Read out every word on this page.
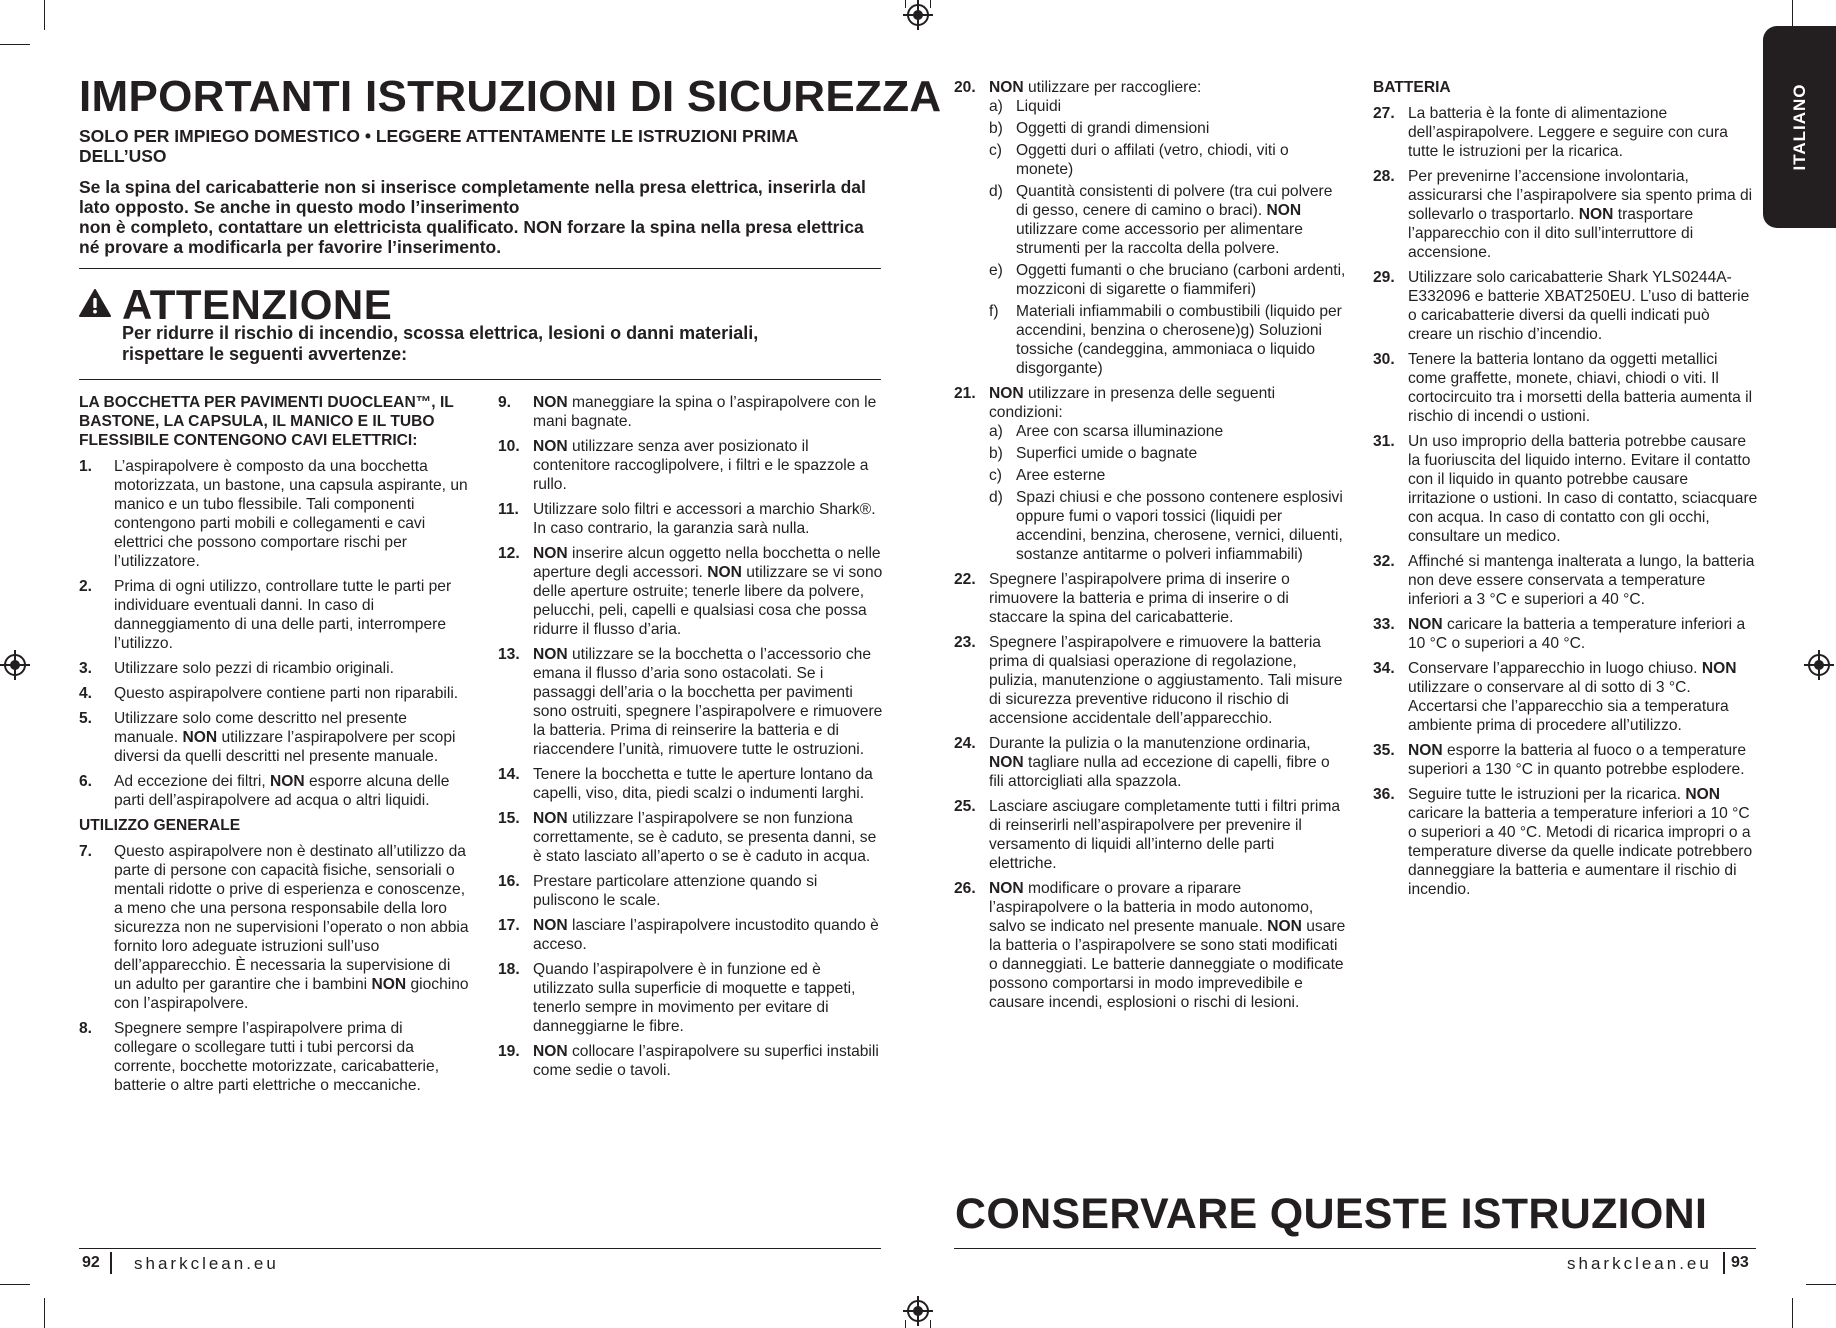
IMPORTANTI ISTRUZIONI DI SICUREZZA
SOLO PER IMPIEGO DOMESTICO • LEGGERE ATTENTAMENTE LE ISTRUZIONI PRIMA DELL’USO

Se la spina del caricabatterie non si inserisce completamente nella presa elettrica, inserirla dal lato opposto. Se anche in questo modo l’inserimento

non è completo, contattare un elettricista qualificato. NON forzare la spina nella presa elettrica né provare a modificarla per favorire l’inserimento.

ATTENZIONE
Per ridurre il rischio di incendio, scossa elettrica, lesioni o danni materiali, rispettare le seguenti avvertenze:
LA BOCCHETTA PER PAVIMENTI DUOCLEAN™, IL BASTONE, LA CAPSULA, IL MANICO E IL TUBO FLESSIBILE CONTENGONO CAVI ELETTRICI:
1. L’aspirapolvere è composto da una bocchetta motorizzata, un bastone, una capsula aspirante, un manico e un tubo flessibile. Tali componenti contengono parti mobili e collegamenti e cavi elettrici che possono comportare rischi per l’utilizzatore.
2. Prima di ogni utilizzo, controllare tutte le parti per individuare eventuali danni. In caso di danneggiamento di una delle parti, interrompere l’utilizzo.
3. Utilizzare solo pezzi di ricambio originali.
4. Questo aspirapolvere contiene parti non riparabili.
5. Utilizzare solo come descritto nel presente manuale. NON utilizzare l’aspirapolvere per scopi diversi da quelli descritti nel presente manuale.
6. Ad eccezione dei filtri, NON esporre alcuna delle parti dell’aspirapolvere ad acqua o altri liquidi.
UTILIZZO GENERALE
7. Questo aspirapolvere non è destinato all’utilizzo da parte di persone con capacità fisiche, sensoriali o mentali ridotte o prive di esperienza e conoscenze, a meno che una persona responsabile della loro sicurezza non ne supervisioni l’operato o non abbia fornito loro adeguate istruzioni sull’uso dell’apparecchio. È necessaria la supervisione di un adulto per garantire che i bambini NON giochino con l’aspirapolvere.
8. Spegnere sempre l’aspirapolvere prima di collegare o scollegare tutti i tubi percorsi da corrente, bocchette motorizzate, caricabatterie, batterie o altre parti elettriche o meccaniche.
9. NON maneggiare la spina o l’aspirapolvere con le mani bagnate.
10. NON utilizzare senza aver posizionato il contenitore raccoglipolvere, i filtri e le spazzole a rullo.
11. Utilizzare solo filtri e accessori a marchio Shark®. In caso contrario, la garanzia sarà nulla.
12. NON inserire alcun oggetto nella bocchetta o nelle aperture degli accessori. NON utilizzare se vi sono delle aperture ostruite; tenerle libere da polvere, pelucchi, peli, capelli e qualsiasi cosa che possa ridurre il flusso d’aria.
13. NON utilizzare se la bocchetta o l’accessorio che emana il flusso d’aria sono ostacolati. Se i passaggi dell’aria o la bocchetta per pavimenti sono ostruiti, spegnere l’aspirapolvere e rimuovere la batteria. Prima di reinserire la batteria e di riaccendere l’unità, rimuovere tutte le ostruzioni.
14. Tenere la bocchetta e tutte le aperture lontano da capelli, viso, dita, piedi scalzi o indumenti larghi.
15. NON utilizzare l’aspirapolvere se non funziona correttamente, se è caduto, se presenta danni, se è stato lasciato all’aperto o se è caduto in acqua.
16. Prestare particolare attenzione quando si puliscono le scale.
17. NON lasciare l’aspirapolvere incustodito quando è acceso.
18. Quando l’aspirapolvere è in funzione ed è utilizzato sulla superficie di moquette e tappeti, tenerlo sempre in movimento per evitare di danneggiarne le fibre.
19. NON collocare l’aspirapolvere su superfici instabili come sedie o tavoli.
20. NON utilizzare per raccogliere:
a) Liquidi
b) Oggetti di grandi dimensioni
c) Oggetti duri o affilati (vetro, chiodi, viti o monete)
d) Quantità consistenti di polvere (tra cui polvere di gesso, cenere di camino o braci). NON utilizzare come accessorio per alimentare strumenti per la raccolta della polvere.
e) Oggetti fumanti o che bruciano (carboni ardenti, mozziconi di sigarette o fiammiferi)
f) Materiali infiammabili o combustibili (liquido per accendini, benzina o cherosene)g) Soluzioni tossiche (candeggina, ammoniaca o liquido disgorgante)
21. NON utilizzare in presenza delle seguenti condizioni:
a) Aree con scarsa illuminazione
b) Superfici umide o bagnate
c) Aree esterne
d) Spazi chiusi e che possono contenere esplosivi oppure fumi o vapori tossici (liquidi per accendini, benzina, cherosene, vernici, diluenti, sostanze antitarme o polveri infiammabili)
22. Spegnere l’aspirapolvere prima di inserire o rimuovere la batteria e prima di inserire o di staccare la spina del caricabatterie.
23. Spegnere l’aspirapolvere e rimuovere la batteria prima di qualsiasi operazione di regolazione, pulizia, manutenzione o aggiustamento. Tali misure di sicurezza preventive riducono il rischio di accensione accidentale dell’apparecchio.
24. Durante la pulizia o la manutenzione ordinaria, NON tagliare nulla ad eccezione di capelli, fibre o fili attorcigliati alla spazzola.
25. Lasciare asciugare completamente tutti i filtri prima di reinserirli nell’aspirapolvere per prevenire il versamento di liquidi all’interno delle parti elettriche.
26. NON modificare o provare a riparare l’aspirapolvere o la batteria in modo autonomo, salvo se indicato nel presente manuale. NON usare la batteria o l’aspirapolvere se sono stati modificati o danneggiati. Le batterie danneggiate o modificate possono comportarsi in modo imprevedibile e causare incendi, esplosioni o rischi di lesioni.
BATTERIA
27. La batteria è la fonte di alimentazione dell’aspirapolvere. Leggere e seguire con cura tutte le istruzioni per la ricarica.
28. Per prevenirne l’accensione involontaria, assicurarsi che l’aspirapolvere sia spento prima di sollevarlo o trasportarlo. NON trasportare l’apparecchio con il dito sull’interruttore di accensione.
29. Utilizzare solo caricabatterie Shark YLS0244A-E332096 e batterie XBAT250EU. L’uso di batterie o caricabatterie diversi da quelli indicati può creare un rischio d’incendio.
30. Tenere la batteria lontano da oggetti metallici come graffette, monete, chiavi, chiodi o viti. Il cortocircuito tra i morsetti della batteria aumenta il rischio di incendi o ustioni.
31. Un uso improprio della batteria potrebbe causare la fuoriuscita del liquido interno. Evitare il contatto con il liquido in quanto potrebbe causare irritazione o ustioni. In caso di contatto, sciacquare con acqua. In caso di contatto con gli occhi, consultare un medico.
32. Affinché si mantenga inalterata a lungo, la batteria non deve essere conservata a temperature inferiori a 3 °C e superiori a 40 °C.
33. NON caricare la batteria a temperature inferiori a 10 °C o superiori a 40 °C.
34. Conservare l’apparecchio in luogo chiuso. NON utilizzare o conservare al di sotto di 3 °C. Accertarsi che l’apparecchio sia a temperatura ambiente prima di procedere all’utilizzo.
35. NON esporre la batteria al fuoco o a temperature superiori a 130 °C in quanto potrebbe esplodere.
36. Seguire tutte le istruzioni per la ricarica. NON caricare la batteria a temperature inferiori a 10 °C o superiori a 40 °C. Metodi di ricarica impropri o a temperature diverse da quelle indicate potrebbero danneggiare la batteria e aumentare il rischio di incendio.
CONSERVARE QUESTE ISTRUZIONI
ITALIANO
92 sharkclean.eu	sharkclean.eu 93
